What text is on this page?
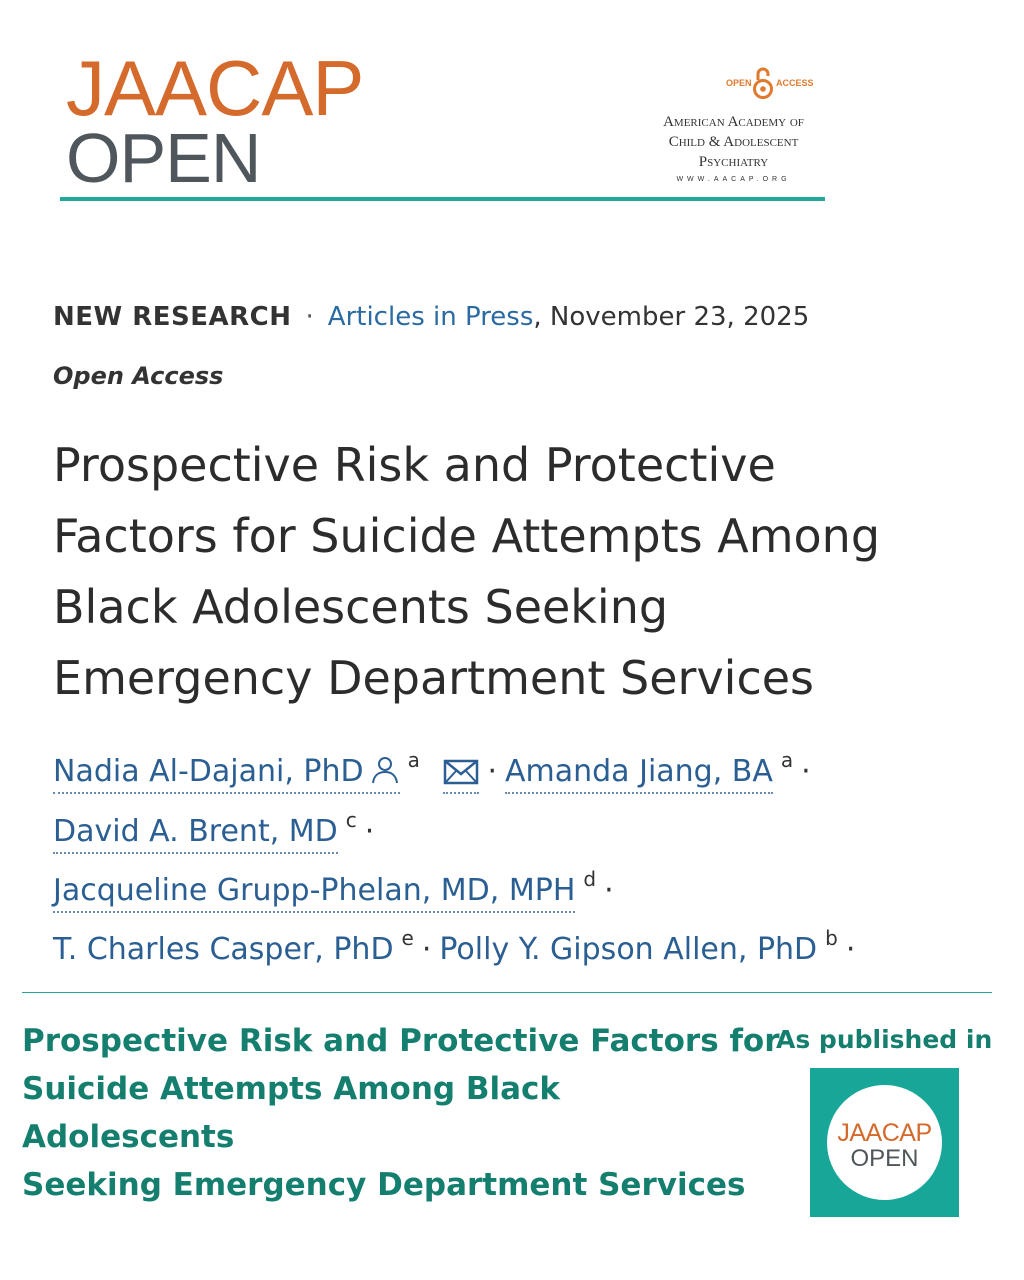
JAACAP
OPEN
OPEN	ACCESS
American Academy of
Child & Adolescent
Psychiatry
WWW.AACAP.ORG
NEW RESEARCH · Articles in Press, November 23, 2025
Open Access
Prospective Risk and Protective
Factors for Suicide Attempts Among
Black Adolescents Seeking
Emergency Department Services
Nadia Al-Dajani, PhD $^a$ · Amanda Jiang, BA $^a$ ·
David A. Brent, MD $^c$ ·
Jacqueline Grupp-Phelan, MD, MPH $^d$ ·
T. Charles Casper, PhD $^e$ · Polly Y. Gipson Allen, PhD $^b$ ·
Prospective Risk and Protective Factors for
Suicide Attempts Among Black Adolescents
Seeking Emergency Department Services
As published in
JAACAP
OPEN
